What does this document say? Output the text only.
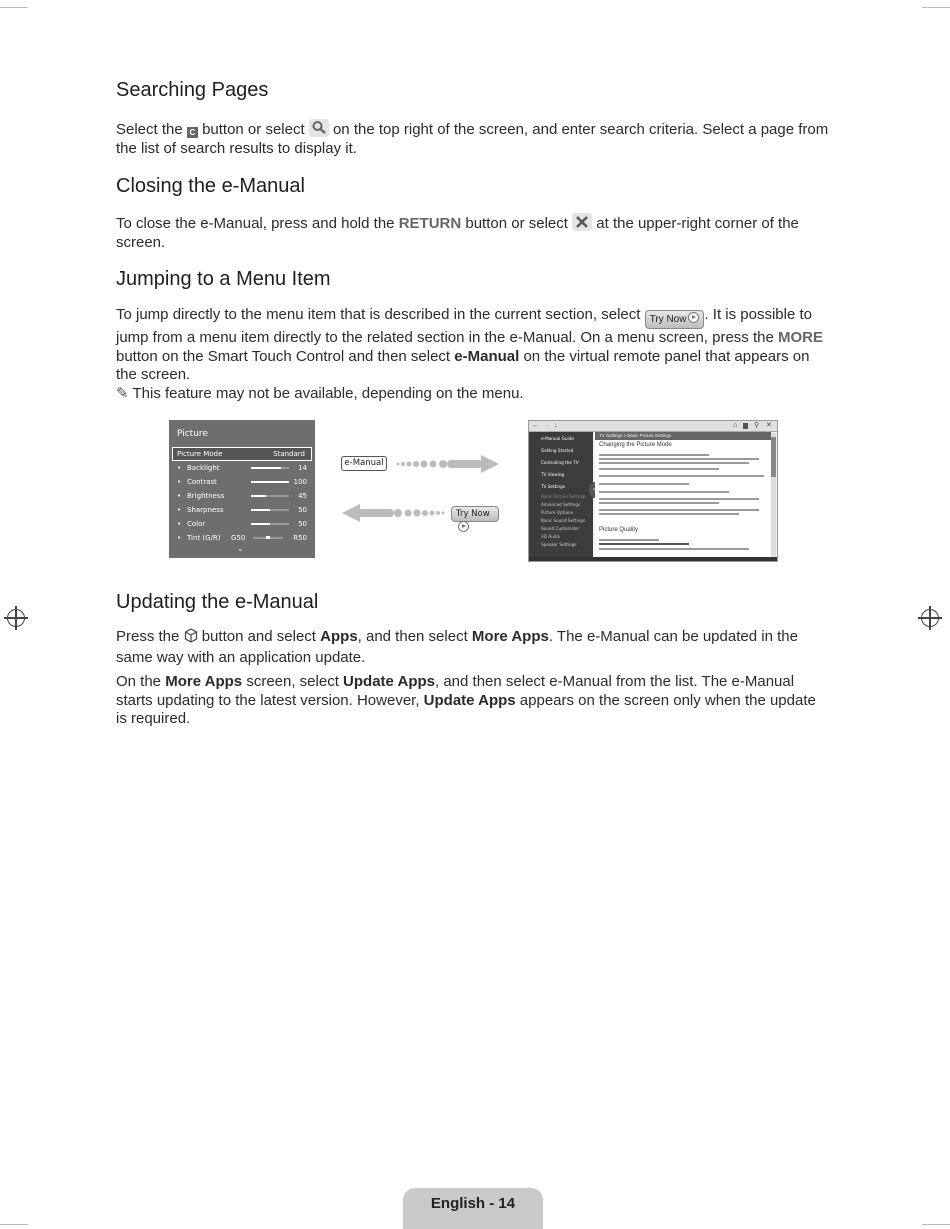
Searching Pages

Select the C button or select on the top right of the screen, and enter search criteria. Select a page from the list of search results to display it.

Closing the e-Manual

To close the e-Manual, press and hold the RETURN button or select at the upper-right corner of the screen.

Jumping to a Menu Item

To jump directly to the menu item that is described in the current section, select Try Now . It is possible to jump from a menu item directly to the related section in the e-Manual. On a menu screen, press the MORE button on the Smart Touch Control and then select e-Manual on the virtual remote panel that appears on the screen.

✎ This feature may not be available, depending on the menu.

Updating the e-Manual

Press the button and select Apps, and then select More Apps. The e-Manual can be updated in the same way with an application update.

On the More Apps screen, select Update Apps, and then select e-Manual from the list. The e-Manual starts updating to the latest version. However, Update Apps appears on the screen only when the update is required.

Picture
Picture Mode	Standard
• Backlight	14
• Contrast	100
• Brightness	45
• Sharpness	50
• Color	50
• Tint (G/R) G50	R50
⌄
e-Manual
Try Now
← → ↓	⌂ ⚲ ✕
e-Manual Guide
Getting Started
Controlling the TV
TV Viewing
TV Settings
Basic Picture Settings
Advanced Settings
Picture Options
Basic Sound Settings
Sound Customizer
3D Audio
Speaker Settings
‹
TV Settings > Basic Picture Settings
Changing the Picture Mode
Picture Quality
English - 14
